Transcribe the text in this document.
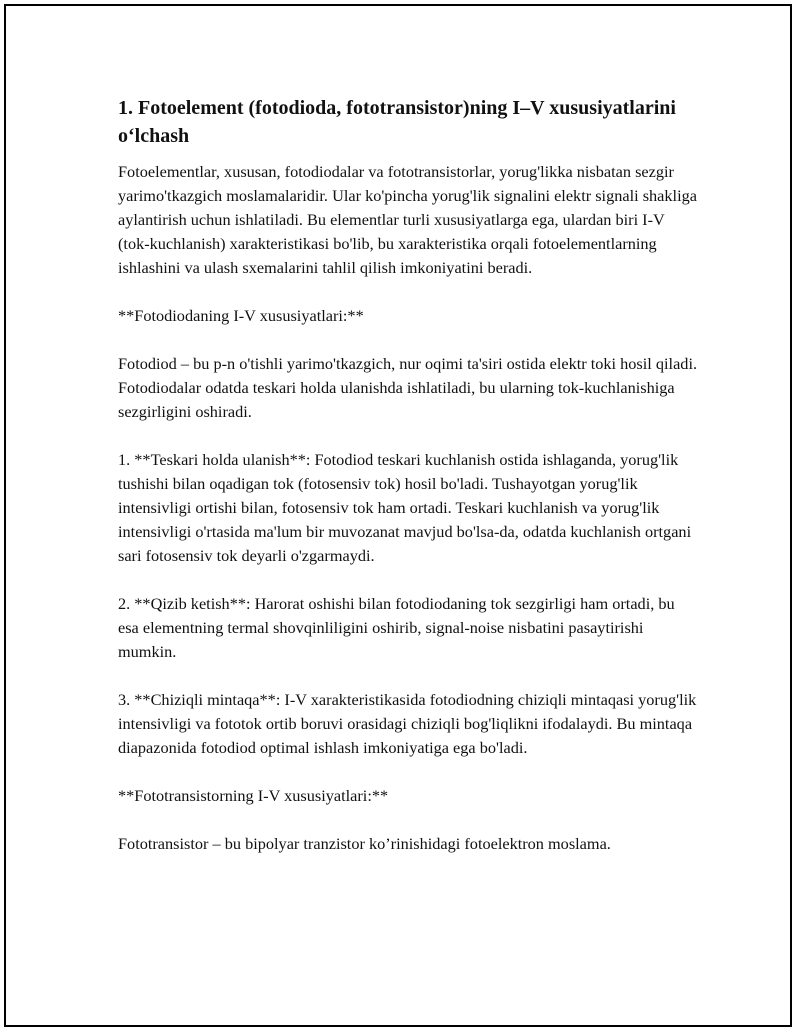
1. Fotoelement (fotodioda, fototransistor)ning I–V xususiyatlarini o‘lchash

Fotoelementlar, xususan, fotodiodalar va fototransistorlar, yorug'likka nisbatan sezgir yarimo'tkazgich moslamalaridir. Ular ko'pincha yorug'lik signalini elektr signali shakliga aylantirish uchun ishlatiladi. Bu elementlar turli xususiyatlarga ega, ulardan biri I-V (tok-kuchlanish) xarakteristikasi bo'lib, bu xarakteristika orqali fotoelementlarning ishlashini va ulash sxemalarini tahlil qilish imkoniyatini beradi.

**Fotodiodaning I-V xususiyatlari:**

Fotodiod – bu p-n o'tishli yarimo'tkazgich, nur oqimi ta'siri ostida elektr toki hosil qiladi. Fotodiodalar odatda teskari holda ulanishda ishlatiladi, bu ularning tok-kuchlanishiga sezgirligini oshiradi.

1. **Teskari holda ulanish**: Fotodiod teskari kuchlanish ostida ishlaganda, yorug'lik tushishi bilan oqadigan tok (fotosensiv tok) hosil bo'ladi. Tushayotgan yorug'lik intensivligi ortishi bilan, fotosensiv tok ham ortadi. Teskari kuchlanish va yorug'lik intensivligi o'rtasida ma'lum bir muvozanat mavjud bo'lsa-da, odatda kuchlanish ortgani sari fotosensiv tok deyarli o'zgarmaydi.

2. **Qizib ketish**: Harorat oshishi bilan fotodiodaning tok sezgirligi ham ortadi, bu esa elementning termal shovqinliligini oshirib, signal-noise nisbatini pasaytirishi mumkin.

3. **Chiziqli mintaqa**: I-V xarakteristikasida fotodiodning chiziqli mintaqasi yorug'lik intensivligi va fototok ortib boruvi orasidagi chiziqli bog'liqlikni ifodalaydi. Bu mintaqa diapazonida fotodiod optimal ishlash imkoniyatiga ega bo'ladi.

**Fototransistorning I-V xususiyatlari:**

Fototransistor – bu bipolyar tranzistor ko’rinishidagi fotoelektron moslama.
